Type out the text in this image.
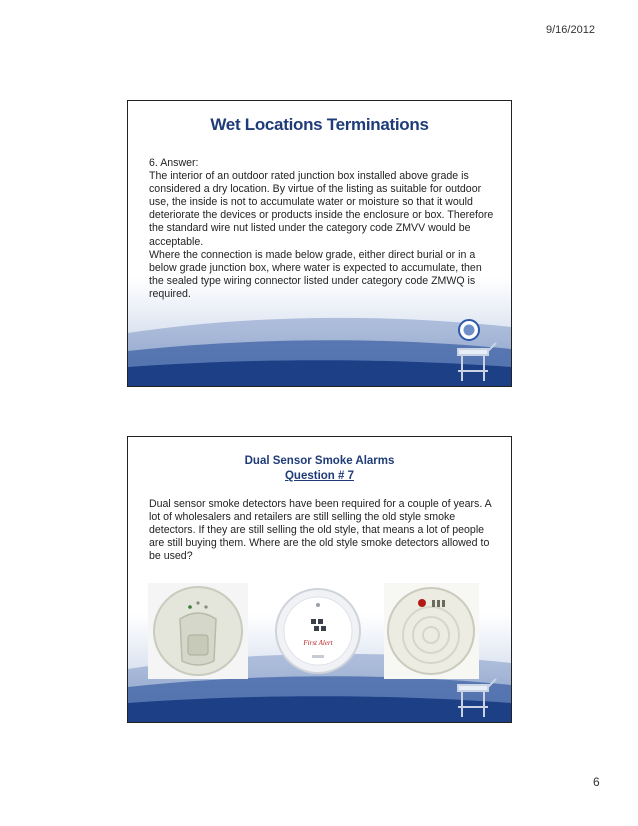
9/16/2012
Wet Locations Terminations

6. Answer:

The interior of an outdoor rated junction box installed above grade is considered a dry location. By virtue of the listing as suitable for outdoor use, the inside is not to accumulate water or moisture so that it would deteriorate the devices or products inside the enclosure or box. Therefore the standard wire nut listed under the category code ZMVV would be acceptable.

Where the connection is made below grade, either direct burial or in a below grade junction box, where water is expected to accumulate, then the sealed type wiring connector listed under category code ZMWQ is required.

Dual Sensor Smoke Alarms
Question # 7

Dual sensor smoke detectors have been required for a couple of years. A lot of wholesalers and retailers are still selling the old style smoke detectors. If they are still selling the old style, that means a lot of people are still buying them. Where are the old style smoke detectors allowed to be used?

First Alert
6
